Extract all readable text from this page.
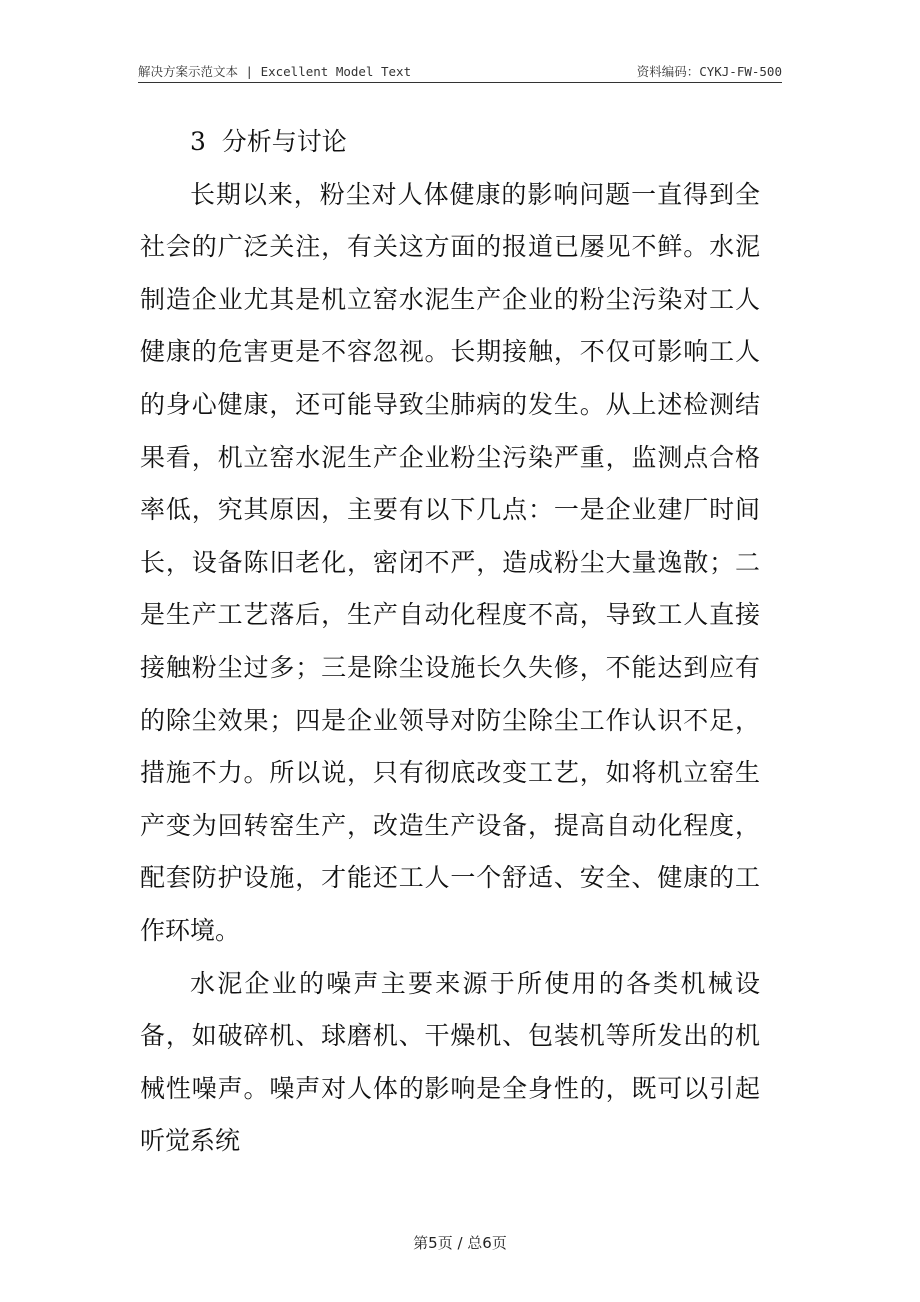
解决方案示范文本 | Excellent Model Text	资料编码：CYKJ-FW-500

3  分析与讨论

长期以来，粉尘对人体健康的影响问题一直得到全社会的广泛关注，有关这方面的报道已屡见不鲜。水泥制造企业尤其是机立窑水泥生产企业的粉尘污染对工人健康的危害更是不容忽视。长期接触，不仅可影响工人的身心健康，还可能导致尘肺病的发生。从上述检测结果看，机立窑水泥生产企业粉尘污染严重，监测点合格率低，究其原因，主要有以下几点：一是企业建厂时间长，设备陈旧老化，密闭不严，造成粉尘大量逸散；二是生产工艺落后，生产自动化程度不高，导致工人直接接触粉尘过多；三是除尘设施长久失修，不能达到应有的除尘效果；四是企业领导对防尘除尘工作认识不足，措施不力。所以说，只有彻底改变工艺，如将机立窑生产变为回转窑生产，改造生产设备，提高自动化程度，配套防护设施，才能还工人一个舒适、安全、健康的工作环境。

水泥企业的噪声主要来源于所使用的各类机械设备，如破碎机、球磨机、干燥机、包装机等所发出的机械性噪声。噪声对人体的影响是全身性的，既可以引起听觉系统

第5页 / 总6页
